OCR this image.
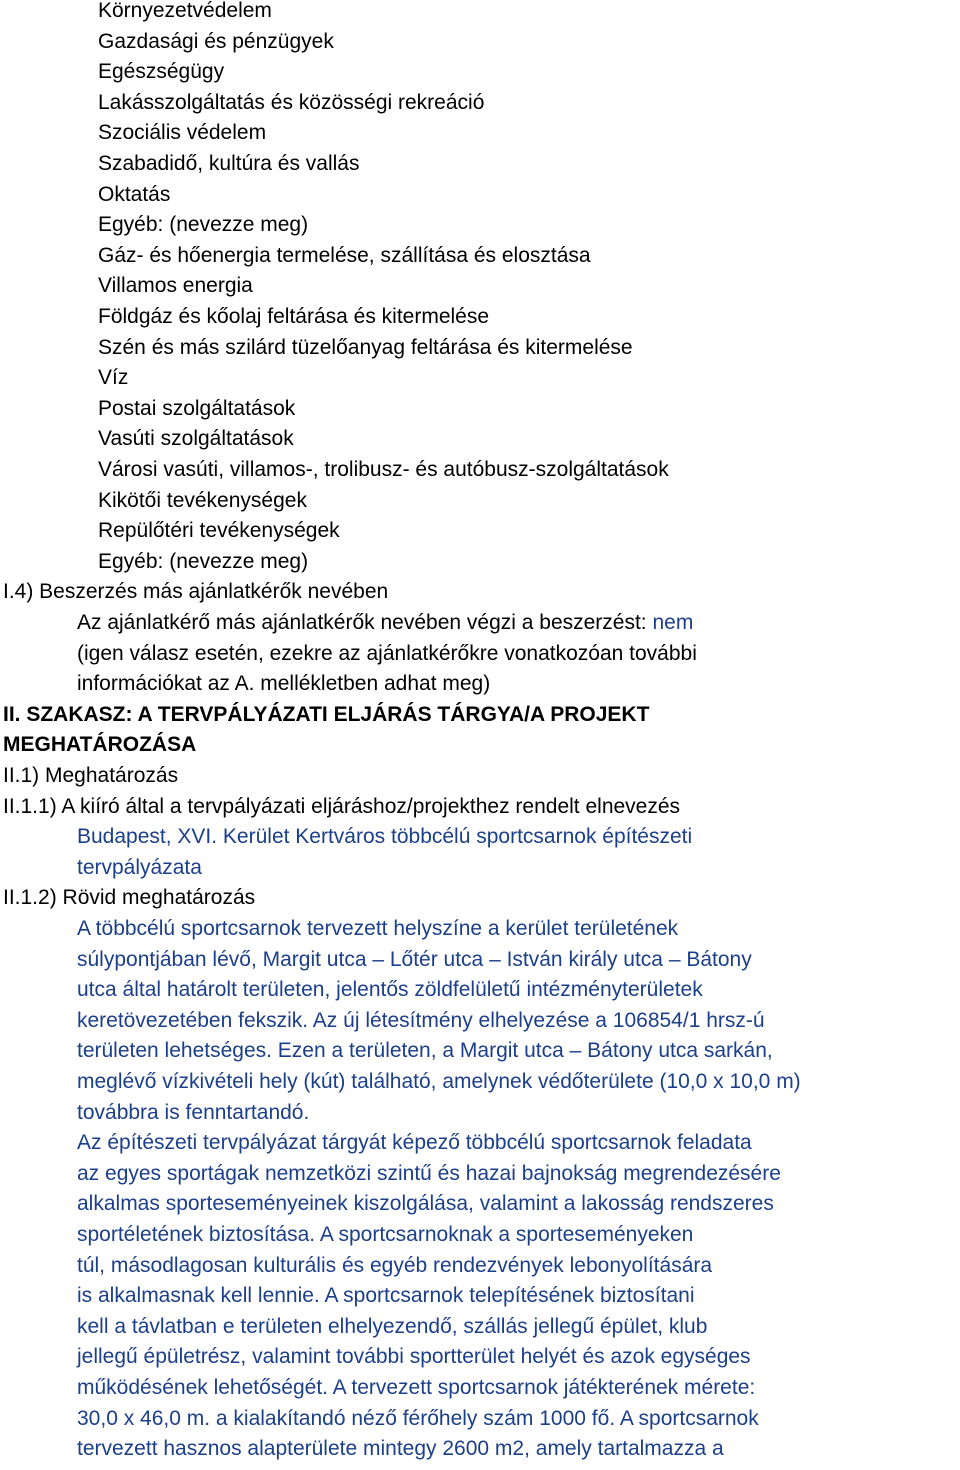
Környezetvédelem
Gazdasági és pénzügyek
Egészségügy
Lakásszolgáltatás és közösségi rekreáció
Szociális védelem
Szabadidő, kultúra és vallás
Oktatás
Egyéb: (nevezze meg)
Gáz- és hőenergia termelése, szállítása és elosztása
Villamos energia
Földgáz és kőolaj feltárása és kitermelése
Szén és más szilárd tüzelőanyag feltárása és kitermelése
Víz
Postai szolgáltatások
Vasúti szolgáltatások
Városi vasúti, villamos-, trolibusz- és autóbusz-szolgáltatások
Kikötői tevékenységek
Repülőtéri tevékenységek
Egyéb: (nevezze meg)
I.4) Beszerzés más ajánlatkérők nevében
Az ajánlatkérő más ajánlatkérők nevében végzi a beszerzést: nem
(igen válasz esetén, ezekre az ajánlatkérőkre vonatkozóan további
információkat az A. mellékletben adhat meg)
II. SZAKASZ: A TERVPÁLYÁZATI ELJÁRÁS TÁRGYA/A PROJEKT
MEGHATÁROZÁSA
II.1) Meghatározás
II.1.1) A kiíró által a tervpályázati eljáráshoz/projekthez rendelt elnevezés
Budapest, XVI. Kerület Kertváros többcélú sportcsarnok építészeti
tervpályázata
II.1.2) Rövid meghatározás
A többcélú sportcsarnok tervezett helyszíne a kerület területének
súlypontjában lévő, Margit utca – Lőtér utca – István király utca – Bátony
utca által határolt területen, jelentős zöldfelületű intézményterületek
keretövezetében fekszik. Az új létesítmény elhelyezése a 106854/1 hrsz-ú
területen lehetséges. Ezen a területen, a Margit utca – Bátony utca sarkán,
meglévő vízkivételi hely (kút) található, amelynek védőterülete (10,0 x 10,0 m)
továbbra is fenntartandó.
Az építészeti tervpályázat tárgyát képező többcélú sportcsarnok feladata
az egyes sportágak nemzetközi szintű és hazai bajnokság megrendezésére
alkalmas sporteseményeinek kiszolgálása, valamint a lakosság rendszeres
sportéletének biztosítása. A sportcsarnoknak a sporteseményeken
túl, másodlagosan kulturális és egyéb rendezvények lebonyolítására
is alkalmasnak kell lennie. A sportcsarnok telepítésének biztosítani
kell a távlatban e területen elhelyezendő, szállás jellegű épület, klub
jellegű épületrész, valamint további sportterület helyét és azok egységes
működésének lehetőségét. A tervezett sportcsarnok játékterének mérete:
30,0 x 46,0 m. a kialakítandó néző férőhely szám 1000 fő. A sportcsarnok
tervezett hasznos alapterülete mintegy 2600 m2, amely tartalmazza a
